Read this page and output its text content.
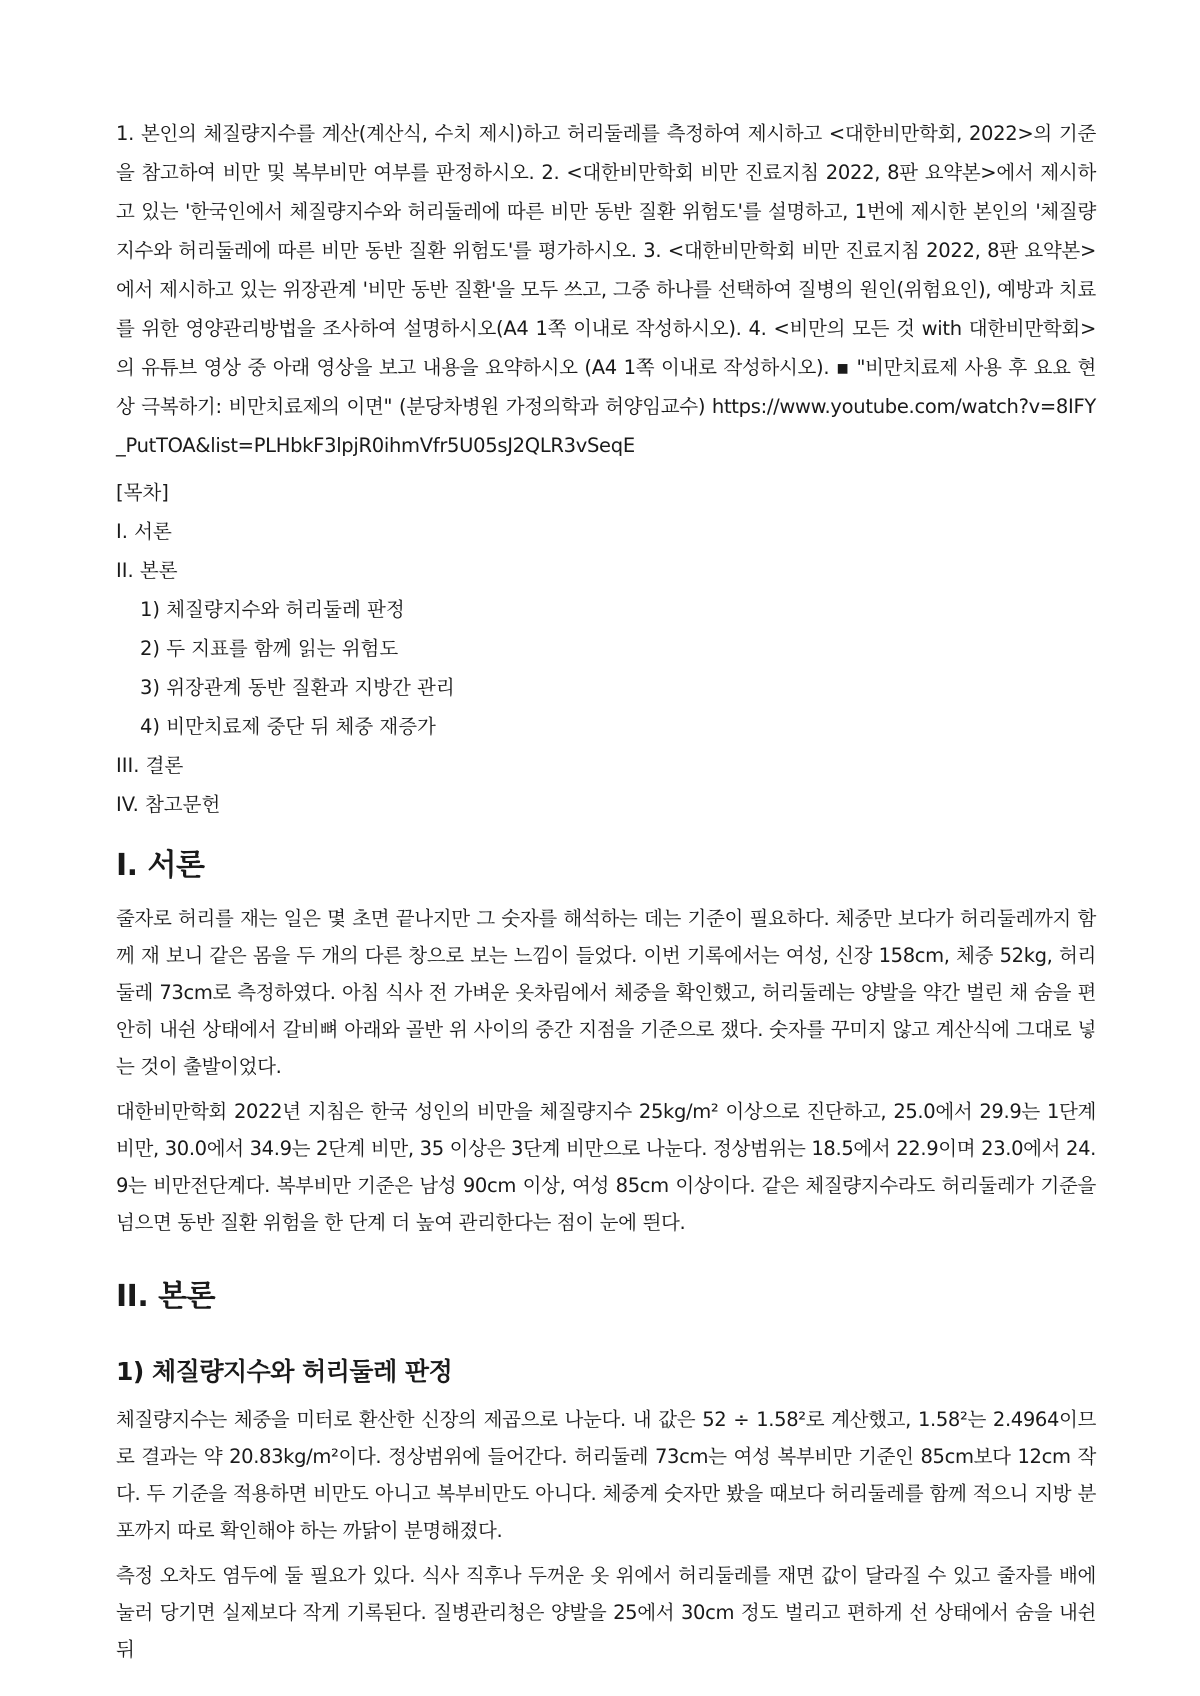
1. 본인의 체질량지수를 계산(계산식, 수치 제시)하고 허리둘레를 측정하여 제시하고 <대한비만학회, 2022>의 기준을 참고하여 비만 및 복부비만 여부를 판정하시오. 2. <대한비만학회 비만 진료지침 2022, 8판 요약본>에서 제시하고 있는 '한국인에서 체질량지수와 허리둘레에 따른 비만 동반 질환 위험도'를 설명하고, 1번에 제시한 본인의 '체질량지수와 허리둘레에 따른 비만 동반 질환 위험도'를 평가하시오. 3. <대한비만학회 비만 진료지침 2022, 8판 요약본>에서 제시하고 있는 위장관계 '비만 동반 질환'을 모두 쓰고, 그중 하나를 선택하여 질병의 원인(위험요인), 예방과 치료를 위한 영양관리방법을 조사하여 설명하시오(A4 1쪽 이내로 작성하시오). 4. <비만의 모든 것 with 대한비만학회>의 유튜브 영상 중 아래 영상을 보고 내용을 요약하시오 (A4 1쪽 이내로 작성하시오). ▪ "비만치료제 사용 후 요요 현상 극복하기: 비만치료제의 이면" (분당차병원 가정의학과 허양임교수) https://www.youtube.com/watch?v=8IFY_PutTOA&list=PLHbkF3lpjR0ihmVfr5U05sJ2QLR3vSeqE

[목차]
I. 서론
II. 본론
1) 체질량지수와 허리둘레 판정
2) 두 지표를 함께 읽는 위험도
3) 위장관계 동반 질환과 지방간 관리
4) 비만치료제 중단 뒤 체중 재증가
III. 결론
IV. 참고문헌
I. 서론

줄자로 허리를 재는 일은 몇 초면 끝나지만 그 숫자를 해석하는 데는 기준이 필요하다. 체중만 보다가 허리둘레까지 함께 재 보니 같은 몸을 두 개의 다른 창으로 보는 느낌이 들었다. 이번 기록에서는 여성, 신장 158cm, 체중 52kg, 허리둘레 73cm로 측정하였다. 아침 식사 전 가벼운 옷차림에서 체중을 확인했고, 허리둘레는 양발을 약간 벌린 채 숨을 편안히 내쉰 상태에서 갈비뼈 아래와 골반 위 사이의 중간 지점을 기준으로 쟀다. 숫자를 꾸미지 않고 계산식에 그대로 넣는 것이 출발이었다.

대한비만학회 2022년 지침은 한국 성인의 비만을 체질량지수 25kg/m² 이상으로 진단하고, 25.0에서 29.9는 1단계 비만, 30.0에서 34.9는 2단계 비만, 35 이상은 3단계 비만으로 나눈다. 정상범위는 18.5에서 22.9이며 23.0에서 24.9는 비만전단계다. 복부비만 기준은 남성 90cm 이상, 여성 85cm 이상이다. 같은 체질량지수라도 허리둘레가 기준을 넘으면 동반 질환 위험을 한 단계 더 높여 관리한다는 점이 눈에 띈다.

II. 본론
1) 체질량지수와 허리둘레 판정

체질량지수는 체중을 미터로 환산한 신장의 제곱으로 나눈다. 내 값은 52 ÷ 1.58²로 계산했고, 1.58²는 2.4964이므로 결과는 약 20.83kg/m²이다. 정상범위에 들어간다. 허리둘레 73cm는 여성 복부비만 기준인 85cm보다 12cm 작다. 두 기준을 적용하면 비만도 아니고 복부비만도 아니다. 체중계 숫자만 봤을 때보다 허리둘레를 함께 적으니 지방 분포까지 따로 확인해야 하는 까닭이 분명해졌다.

측정 오차도 염두에 둘 필요가 있다. 식사 직후나 두꺼운 옷 위에서 허리둘레를 재면 값이 달라질 수 있고 줄자를 배에 눌러 당기면 실제보다 작게 기록된다. 질병관리청은 양발을 25에서 30cm 정도 벌리고 편하게 선 상태에서 숨을 내쉰 뒤
